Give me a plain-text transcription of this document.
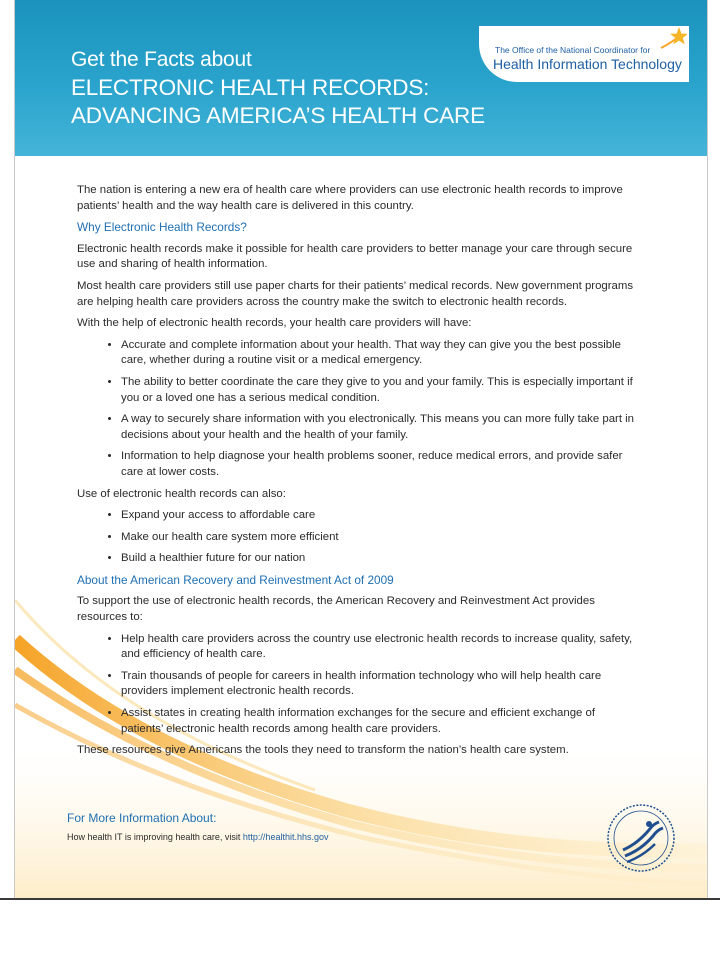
Get the Facts about
ELECTRONIC HEALTH RECORDS:
ADVANCING AMERICA’S HEALTH CARE
The Office of the National Coordinator for
Health Information Technology

The nation is entering a new era of health care where providers can use electronic health records to improve patients’ health and the way health care is delivered in this country.

Why Electronic Health Records?

Electronic health records make it possible for health care providers to better manage your care through secure use and sharing of health information.

Most health care providers still use paper charts for their patients’ medical records. New government programs are helping health care providers across the country make the switch to electronic health records.

With the help of electronic health records, your health care providers will have:

• Accurate and complete information about your health. That way they can give you the best possible care, whether during a routine visit or a medical emergency.
• The ability to better coordinate the care they give to you and your family. This is especially important if you or a loved one has a serious medical condition.
• A way to securely share information with you electronically. This means you can more fully take part in decisions about your health and the health of your family.
• Information to help diagnose your health problems sooner, reduce medical errors, and provide safer care at lower costs.

Use of electronic health records can also:

• Expand your access to affordable care
• Make our health care system more efficient
• Build a healthier future for our nation
About the American Recovery and Reinvestment Act of 2009

To support the use of electronic health records, the American Recovery and Reinvestment Act provides resources to:

• Help health care providers across the country use electronic health records to increase quality, safety, and efficiency of health care.
• Train thousands of people for careers in health information technology who will help health care providers implement electronic health records.
• Assist states in creating health information exchanges for the secure and efficient exchange of patients’ electronic health records among health care providers.

These resources give Americans the tools they need to transform the nation’s health care system.

For More Information About:
How health IT is improving health care, visit http://healthit.hhs.gov
